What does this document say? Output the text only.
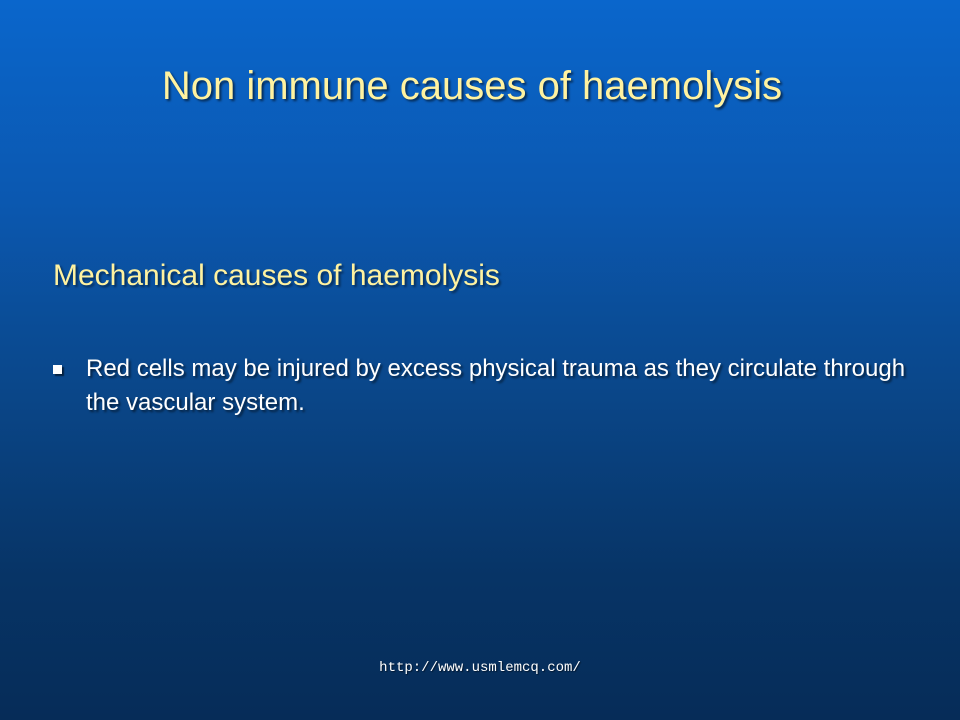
Non immune causes of haemolysis
Mechanical causes of haemolysis
Red cells may be injured by excess physical trauma as they circulate through the vascular system.
http://www.usmlemcq.com/
